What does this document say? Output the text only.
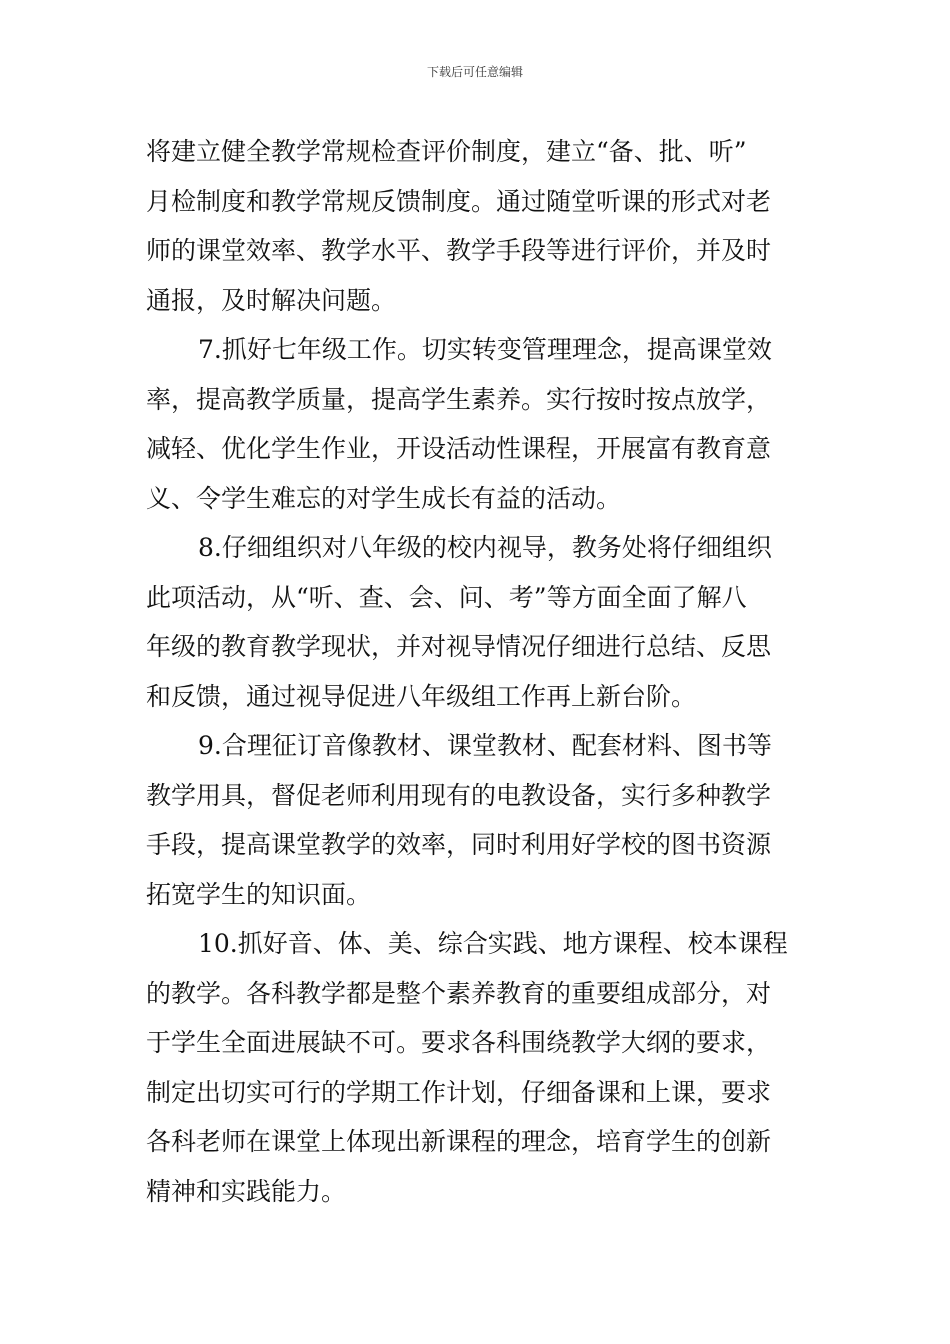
下载后可任意编辑
将建立健全教学常规检查评价制度，建立“备、批、听”
月检制度和教学常规反馈制度。通过随堂听课的形式对老
师的课堂效率、教学水平、教学手段等进行评价，并及时
通报，及时解决问题。
7.抓好七年级工作。切实转变管理理念，提高课堂效
率，提高教学质量，提高学生素养。实行按时按点放学，
减轻、优化学生作业，开设活动性课程，开展富有教育意
义、令学生难忘的对学生成长有益的活动。
8.仔细组织对八年级的校内视导，教务处将仔细组织
此项活动，从“听、查、会、问、考”等方面全面了解八
年级的教育教学现状，并对视导情况仔细进行总结、反思
和反馈，通过视导促进八年级组工作再上新台阶。
9.合理征订音像教材、课堂教材、配套材料、图书等
教学用具，督促老师利用现有的电教设备，实行多种教学
手段，提高课堂教学的效率，同时利用好学校的图书资源
拓宽学生的知识面。
10.抓好音、体、美、综合实践、地方课程、校本课程
的教学。各科教学都是整个素养教育的重要组成部分，对
于学生全面进展缺不可。要求各科围绕教学大纲的要求，
制定出切实可行的学期工作计划，仔细备课和上课，要求
各科老师在课堂上体现出新课程的理念，培育学生的创新
精神和实践能力。
